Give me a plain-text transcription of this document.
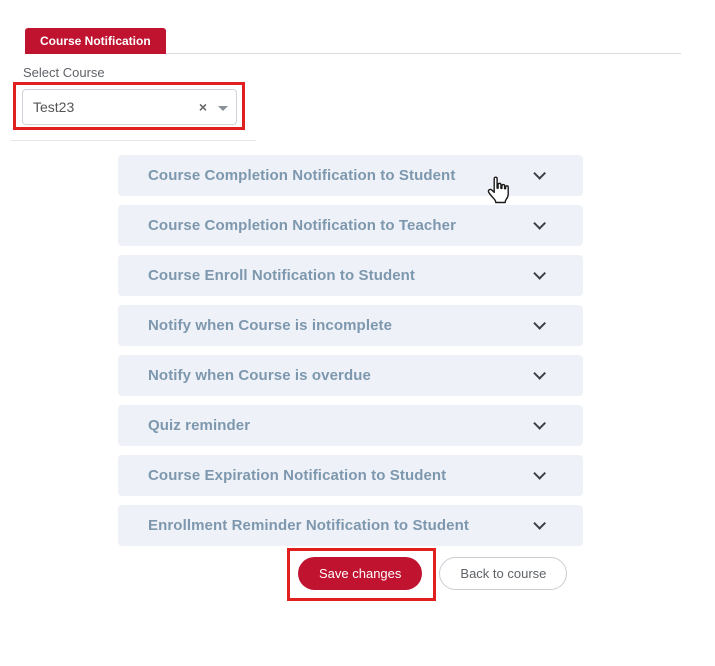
Course Notification
Select Course
Test23	×
Course Completion Notification to Student
Course Completion Notification to Teacher
Course Enroll Notification to Student
Notify when Course is incomplete
Notify when Course is overdue
Quiz reminder
Course Expiration Notification to Student
Enrollment Reminder Notification to Student
Save changes	Back to course
